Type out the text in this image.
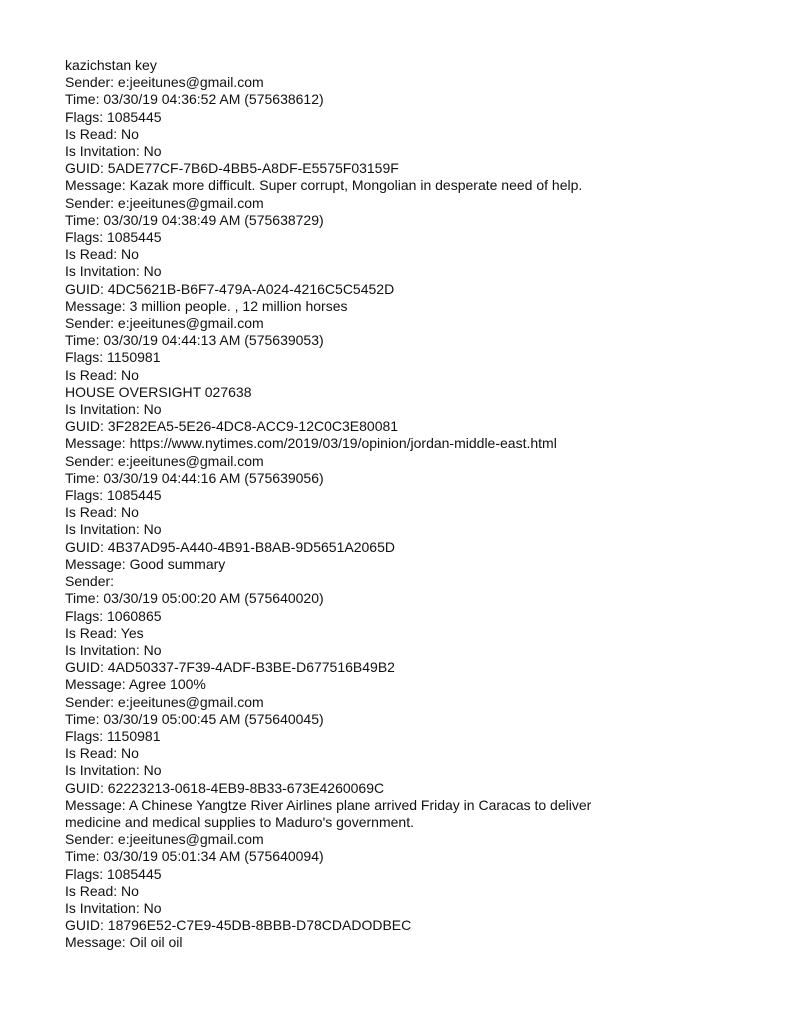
kazichstan key
Sender: e:jeeitunes@gmail.com
Time: 03/30/19 04:36:52 AM (575638612)
Flags: 1085445
Is Read: No
Is Invitation: No
GUID: 5ADE77CF-7B6D-4BB5-A8DF-E5575F03159F
Message: Kazak more difficult. Super corrupt, Mongolian in desperate need of help.
Sender: e:jeeitunes@gmail.com
Time: 03/30/19 04:38:49 AM (575638729)
Flags: 1085445
Is Read: No
Is Invitation: No
GUID: 4DC5621B-B6F7-479A-A024-4216C5C5452D
Message: 3 million people. , 12 million horses
Sender: e:jeeitunes@gmail.com
Time: 03/30/19 04:44:13 AM (575639053)
Flags: 1150981
Is Read: No
HOUSE OVERSIGHT 027638
Is Invitation: No
GUID: 3F282EA5-5E26-4DC8-ACC9-12C0C3E80081
Message: https://www.nytimes.com/2019/03/19/opinion/jordan-middle-east.html
Sender: e:jeeitunes@gmail.com
Time: 03/30/19 04:44:16 AM (575639056)
Flags: 1085445
Is Read: No
Is Invitation: No
GUID: 4B37AD95-A440-4B91-B8AB-9D5651A2065D
Message: Good summary
Sender:
Time: 03/30/19 05:00:20 AM (575640020)
Flags: 1060865
Is Read: Yes
Is Invitation: No
GUID: 4AD50337-7F39-4ADF-B3BE-D677516B49B2
Message: Agree 100%
Sender: e:jeeitunes@gmail.com
Time: 03/30/19 05:00:45 AM (575640045)
Flags: 1150981
Is Read: No
Is Invitation: No
GUID: 62223213-0618-4EB9-8B33-673E4260069C
Message: A Chinese Yangtze River Airlines plane arrived Friday in Caracas to deliver
medicine and medical supplies to Maduro's government.
Sender: e:jeeitunes@gmail.com
Time: 03/30/19 05:01:34 AM (575640094)
Flags: 1085445
Is Read: No
Is Invitation: No
GUID: 18796E52-C7E9-45DB-8BBB-D78CDADODBEC
Message: Oil oil oil
